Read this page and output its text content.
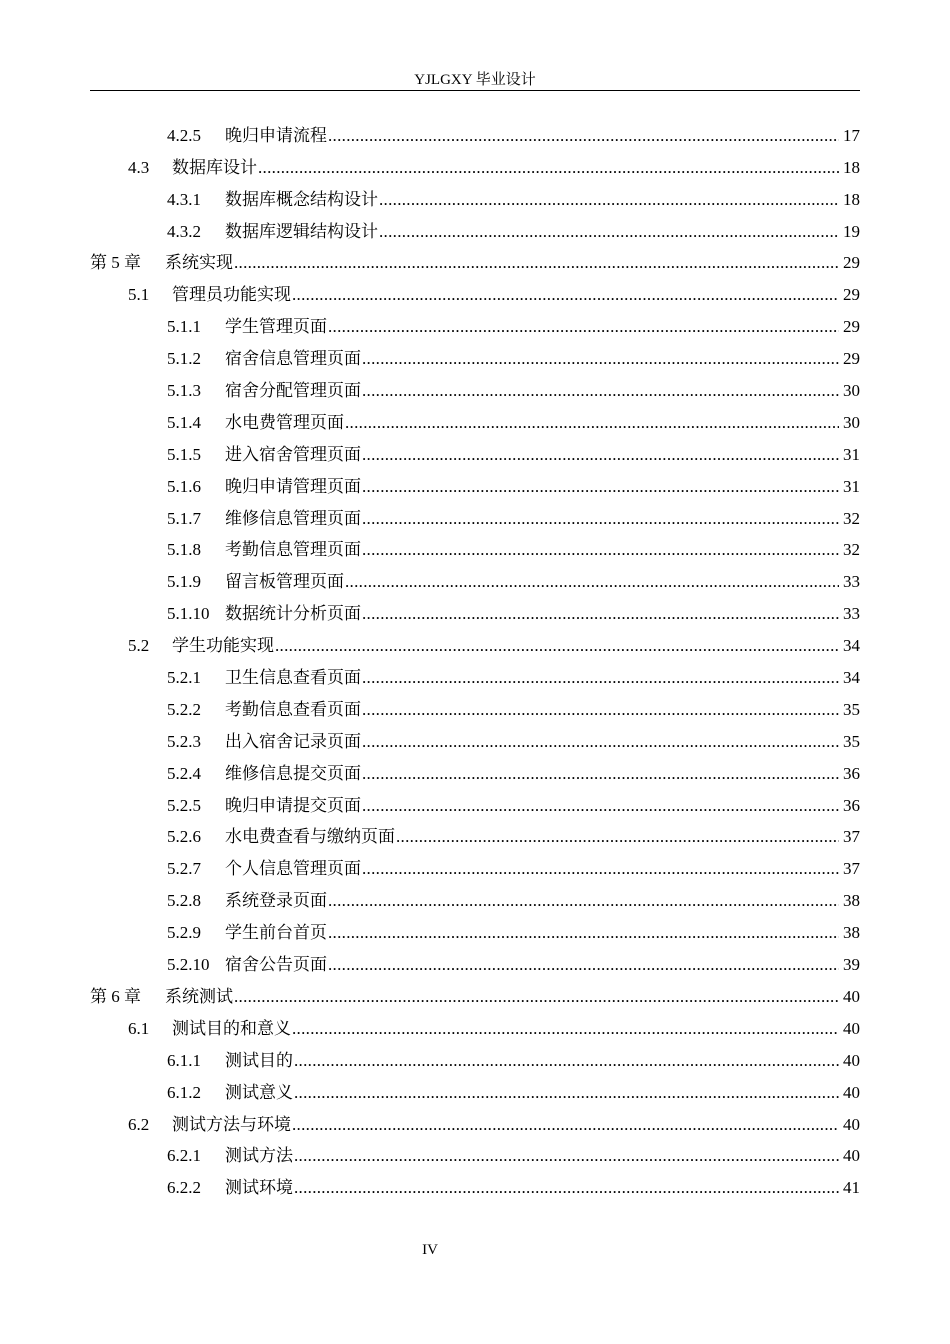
YJLGXY 毕业设计
4.2.5	晚归申请流程 .....	17
4.3	数据库设计 .....	18
4.3.1	数据库概念结构设计 .....	18
4.3.2	数据库逻辑结构设计 .....	19
第 5 章	系统实现 .....	29
5.1	管理员功能实现 .....	29
5.1.1	学生管理页面 .....	29
5.1.2	宿舍信息管理页面 .....	29
5.1.3	宿舍分配管理页面 .....	30
5.1.4	水电费管理页面 .....	30
5.1.5	进入宿舍管理页面 .....	31
5.1.6	晚归申请管理页面 .....	31
5.1.7	维修信息管理页面 .....	32
5.1.8	考勤信息管理页面 .....	32
5.1.9	留言板管理页面 .....	33
5.1.10 数据统计分析页面 .....	33
5.2	学生功能实现 .....	34
5.2.1	卫生信息查看页面 .....	34
5.2.2	考勤信息查看页面 .....	35
5.2.3	出入宿舍记录页面 .....	35
5.2.4	维修信息提交页面 .....	36
5.2.5	晚归申请提交页面 .....	36
5.2.6	水电费查看与缴纳页面 .....	37
5.2.7	个人信息管理页面 .....	37
5.2.8	系统登录页面 .....	38
5.2.9	学生前台首页 .....	38
5.2.10 宿舍公告页面 .....	39
第 6 章	系统测试 .....	40
6.1	测试目的和意义 .....	40
6.1.1	测试目的 .....	40
6.1.2	测试意义 .....	40
6.2	测试方法与环境 .....	40
6.2.1	测试方法 .....	40
6.2.2	测试环境 .....	41
IV
